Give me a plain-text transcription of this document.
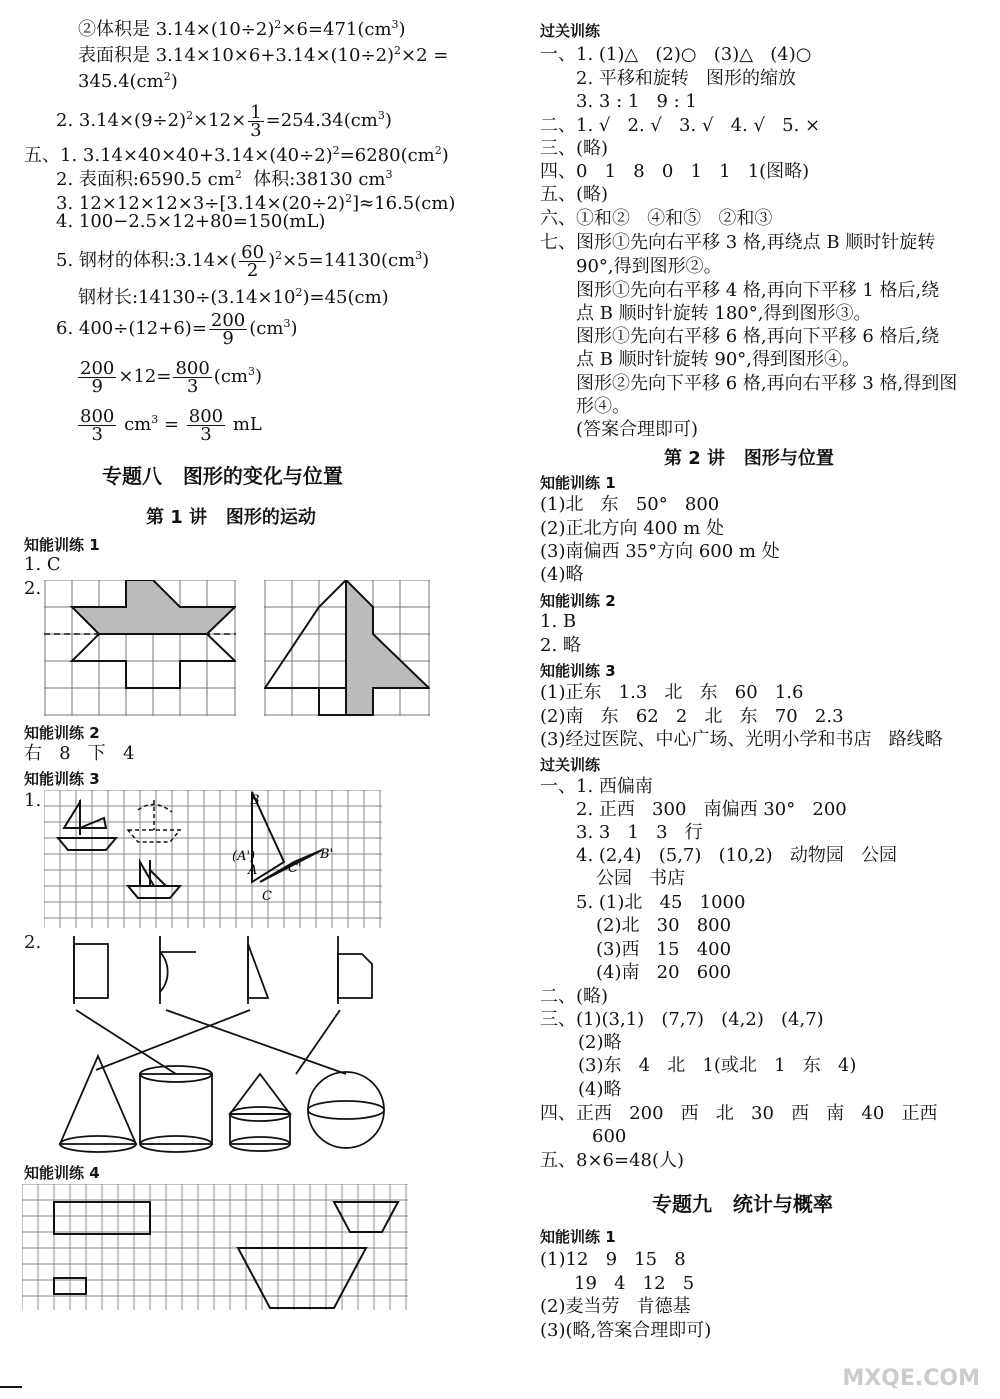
②体积是 $3.14\times(10\div 2)^2\times 6=471(cm^3)$
表面积是 $3.14\times 10\times 6+3.14\times(10\div 2)^2\times 2$ =
$345.4(cm^2)$
2. $3.14\times(9\div 2)^2\times 12\times \frac{1}{3} =254.34(cm^3)$
五、1. $3.14\times 40\times 40+3.14\times(40\div 2)^2=6280(cm^2)$
2. 表面积:6590.5 $cm^2$  体积:38130 $cm^3$
3. $12\times 12\times 12\times 3\div[3.14\times(20\div 2)^2]\approx 16.5(cm)$
4. 100−2.5×12+80=150(mL)
5. 钢材的体积:3.14×( $\frac{60}{2} )^2\times 5=14130(cm^3)$
钢材长$:14130\div(3.14\times 10^2)=45(cm)$
6. $400\div(12+6)= \frac{200}{9} (cm^3)$
$\frac{200}{9} \times 12= \frac{800}{3} (cm^3)$
$\frac{800}{3} cm^3 = \frac{800}{3}$ mL
专题八   图形的变化与位置
第 1 讲   图形的运动
知能训练 1
1. C
2.
知能训练 2
右   8   下   4
知能训练 3
1.	B
(A')
A C'
B'
C
2.
知能训练 4
过关训练
一、1. (1)△   (2)○   (3)△   (4)○
2. 平移和旋转   图形的缩放
3. 3 : 1   9 : 1
二、1. √   2. √   3. √   4. √   5. ×
三、(略)
四、0   1   8   0   1   1   1(图略)
五、(略)
六、①和②   ④和⑤   ②和③
七、图形①先向右平移 3 格,再绕点 B 顺时针旋转
90°,得到图形②。
图形①先向右平移 4 格,再向下平移 1 格后,绕
点 B 顺时针旋转 180°,得到图形③。
图形①先向右平移 6 格,再向下平移 6 格后,绕
点 B 顺时针旋转 90°,得到图形④。
图形②先向下平移 6 格,再向右平移 3 格,得到图
形④。
(答案合理即可)
第 2 讲   图形与位置
知能训练 1
(1)北   东   50°   800
(2)正北方向 400 m 处
(3)南偏西 35°方向 600 m 处
(4)略
知能训练 2
1. B
2. 略
知能训练 3
(1)正东   1.3   北   东   60   1.6
(2)南   东   62   2   北   东   70   2.3
(3)经过医院、中心广场、光明小学和书店   路线略
过关训练
一、1. 西偏南
2. 正西   300   南偏西 30°   200
3. 3   1   3   行
4. (2,4)   (5,7)   (10,2)   动物园   公园
公园   书店
5. (1)北   45   1000
(2)北   30   800
(3)西   15   400
(4)南   20   600
二、(略)
三、(1)(3,1)   (7,7)   (4,2)   (4,7)
(2)略
(3)东   4   北   1(或北   1   东   4)
(4)略
四、正西   200   西   北   30   西   南   40   正西
600
五、8×6=48(人)
专题九   统计与概率
知能训练 1
(1)12   9   15   8
19   4   12   5
(2)麦当劳   肯德基
(3)(略,答案合理即可)
MXQE.COM
